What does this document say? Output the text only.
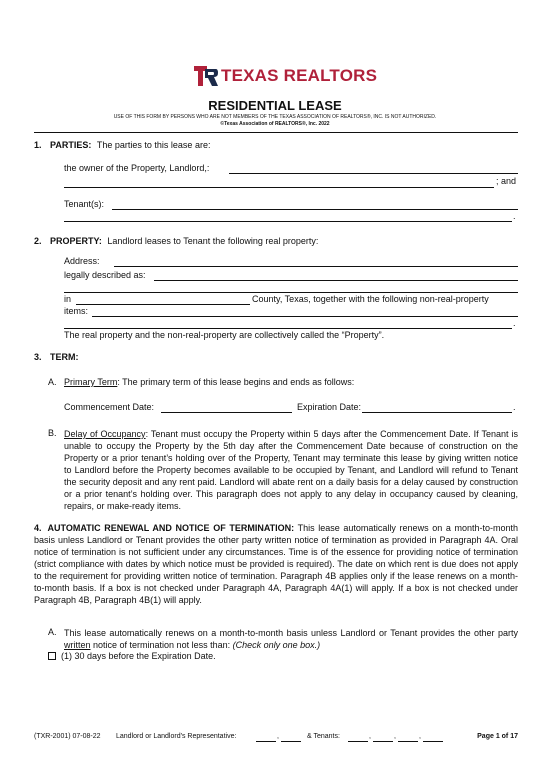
TEXAS REALTORS
RESIDENTIAL LEASE
USE OF THIS FORM BY PERSONS WHO ARE NOT MEMBERS OF THE TEXAS ASSOCIATION OF REALTORS®, INC. IS NOT AUTHORIZED.
©Texas Association of REALTORS®, Inc. 2022
1. PARTIES: The parties to this lease are:
the owner of the Property, Landlord,:
; and
Tenant(s):
.
2. PROPERTY: Landlord leases to Tenant the following real property:
Address:
legally described as:
in	County, Texas, together with the following non-real-property
items:
.
The real property and the non-real-property are collectively called the “Property”.
3. TERM:
A. Primary Term: The primary term of this lease begins and ends as follows:
Commencement Date:	Expiration Date:	.
B. Delay of Occupancy: Tenant must occupy the Property within 5 days after the Commencement Date. If Tenant is unable to occupy the Property by the 5th day after the Commencement Date because of construction on the Property or a prior tenant’s holding over of the Property, Tenant may terminate this lease by giving written notice to Landlord before the Property becomes available to be occupied by Tenant, and Landlord will refund to Tenant the security deposit and any rent paid. Landlord will abate rent on a daily basis for a delay caused by construction or a prior tenant’s holding over. This paragraph does not apply to any delay in occupancy caused by cleaning, repairs, or make-ready items.
4. AUTOMATIC RENEWAL AND NOTICE OF TERMINATION: This lease automatically renews on a month-to-month basis unless Landlord or Tenant provides the other party written notice of termination as provided in Paragraph 4A. Oral notice of termination is not sufficient under any circumstances. Time is of the essence for providing notice of termination (strict compliance with dates by which notice must be provided is required). The date on which rent is due does not apply to the requirement for providing written notice of termination. Paragraph 4B applies only if the lease renews on a month-to-month basis. If a box is not checked under Paragraph 4A, Paragraph 4A(1) will apply. If a box is not checked under Paragraph 4B, Paragraph 4B(1) will apply.
A. This lease automatically renews on a month-to-month basis unless Landlord or Tenant provides the other party written notice of termination not less than: (Check only one box.)
(1) 30 days before the Expiration Date.
(TXR-2001) 07-08-22 Landlord or Landlord's Representative:	,	& Tenants:	,	,	,	Page 1 of 17
